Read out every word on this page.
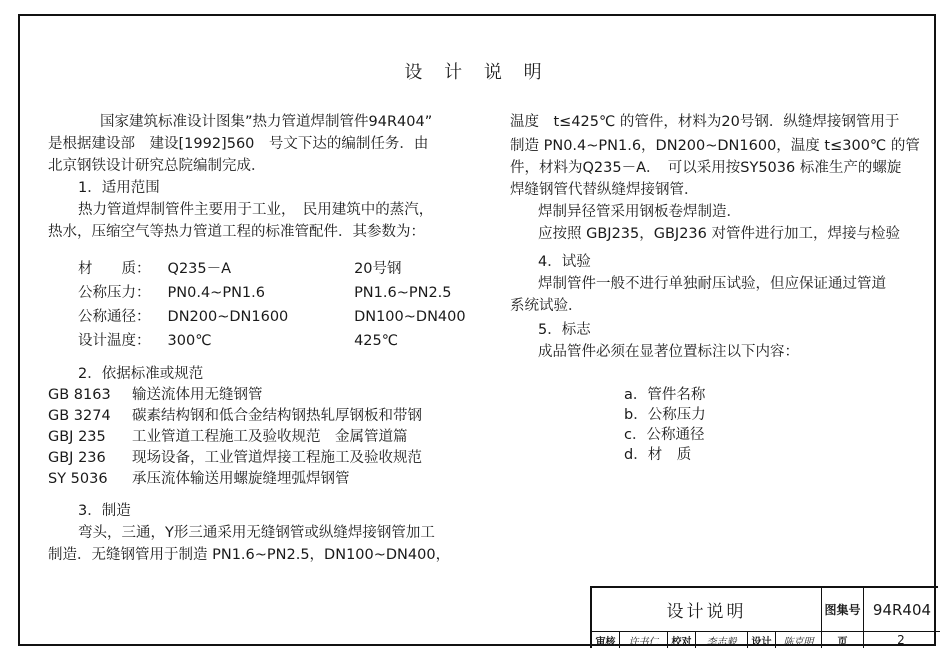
设 计 说 明

国家建筑标准设计图集”热力管道焊制管件94R404”

是根据建设部　建设[1992]560　号文下达的编制任务．由

北京钢铁设计研究总院编制完成．

1．适用范围

热力管道焊制管件主要用于工业，　民用建筑中的蒸汽，

热水，压缩空气等热力管道工程的标准管配件．其参数为：

材　　质：	Q235－A	20号钢
公称压力：	PN0.4~PN1.6	PN1.6~PN2.5
公称通径：	DN200~DN1600	DN100~DN400
设计温度：	300℃	425℃

2．依据标准或规范

GB 8163	输送流体用无缝钢管
GB 3274	碳素结构钢和低合金结构钢热轧厚钢板和带钢
GBJ 235	工业管道工程施工及验收规范　金属管道篇
GBJ 236	现场设备，工业管道焊接工程施工及验收规范
SY 5036	承压流体输送用螺旋缝埋弧焊钢管

3．制造

弯头，三通，Y形三通采用无缝钢管或纵缝焊接钢管加工

制造．无缝钢管用于制造 PN1.6~PN2.5，DN100~DN400，

温度　t≤425℃ 的管件，材料为20号钢．纵缝焊接钢管用于

制造 PN0.4~PN1.6，DN200~DN1600，温度 t≤300℃ 的管

件，材料为Q235－A．　可以采用按SY5036 标准生产的螺旋

焊缝钢管代替纵缝焊接钢管．

焊制异径管采用钢板卷焊制造．

应按照 GBJ235，GBJ236 对管件进行加工，焊接与检验

4．试验

焊制管件一般不进行单独耐压试验，但应保证通过管道

系统试验．

5．标志

成品管件必须在显著位置标注以下内容：

a．管件名称
b．公称压力
c．公称通径
d．材　质
设计说明	图集号 94R404
审核	许书仁	校对	李志毅	设计	陈克明	页	2
